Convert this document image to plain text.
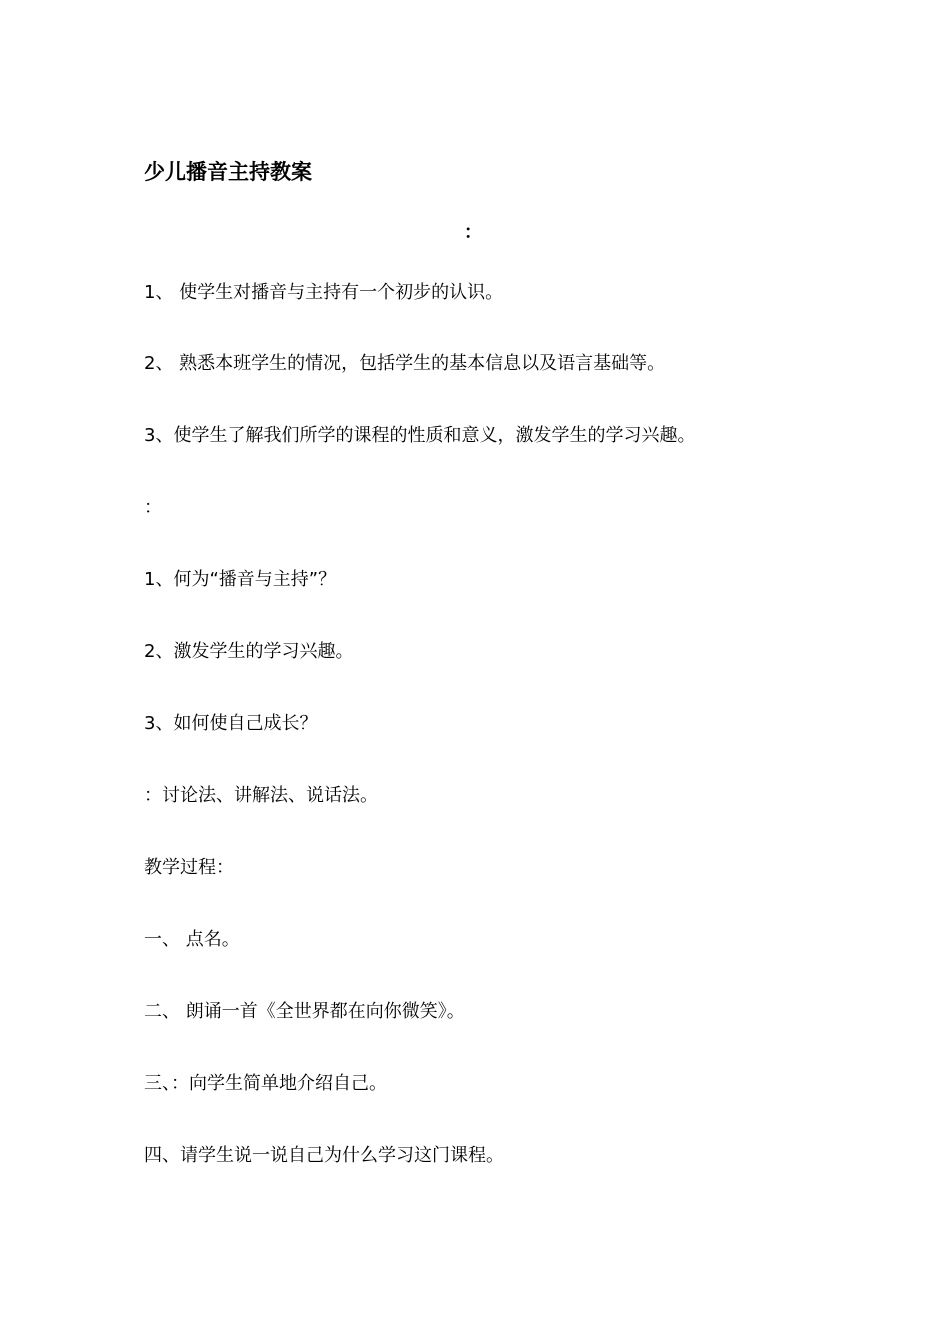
少儿播音主持教案
：
1、 使学生对播音与主持有一个初步的认识。
2、 熟悉本班学生的情况，包括学生的基本信息以及语言基础等。
3、使学生了解我们所学的课程的性质和意义，激发学生的学习兴趣。
：
1、何为“播音与主持”？
2、激发学生的学习兴趣。
3、如何使自己成长？
：讨论法、讲解法、说话法。
教学过程：
一、 点名。
二、 朗诵一首《全世界都在向你微笑》。
三、：向学生简单地介绍自己。
四、请学生说一说自己为什么学习这门课程。
